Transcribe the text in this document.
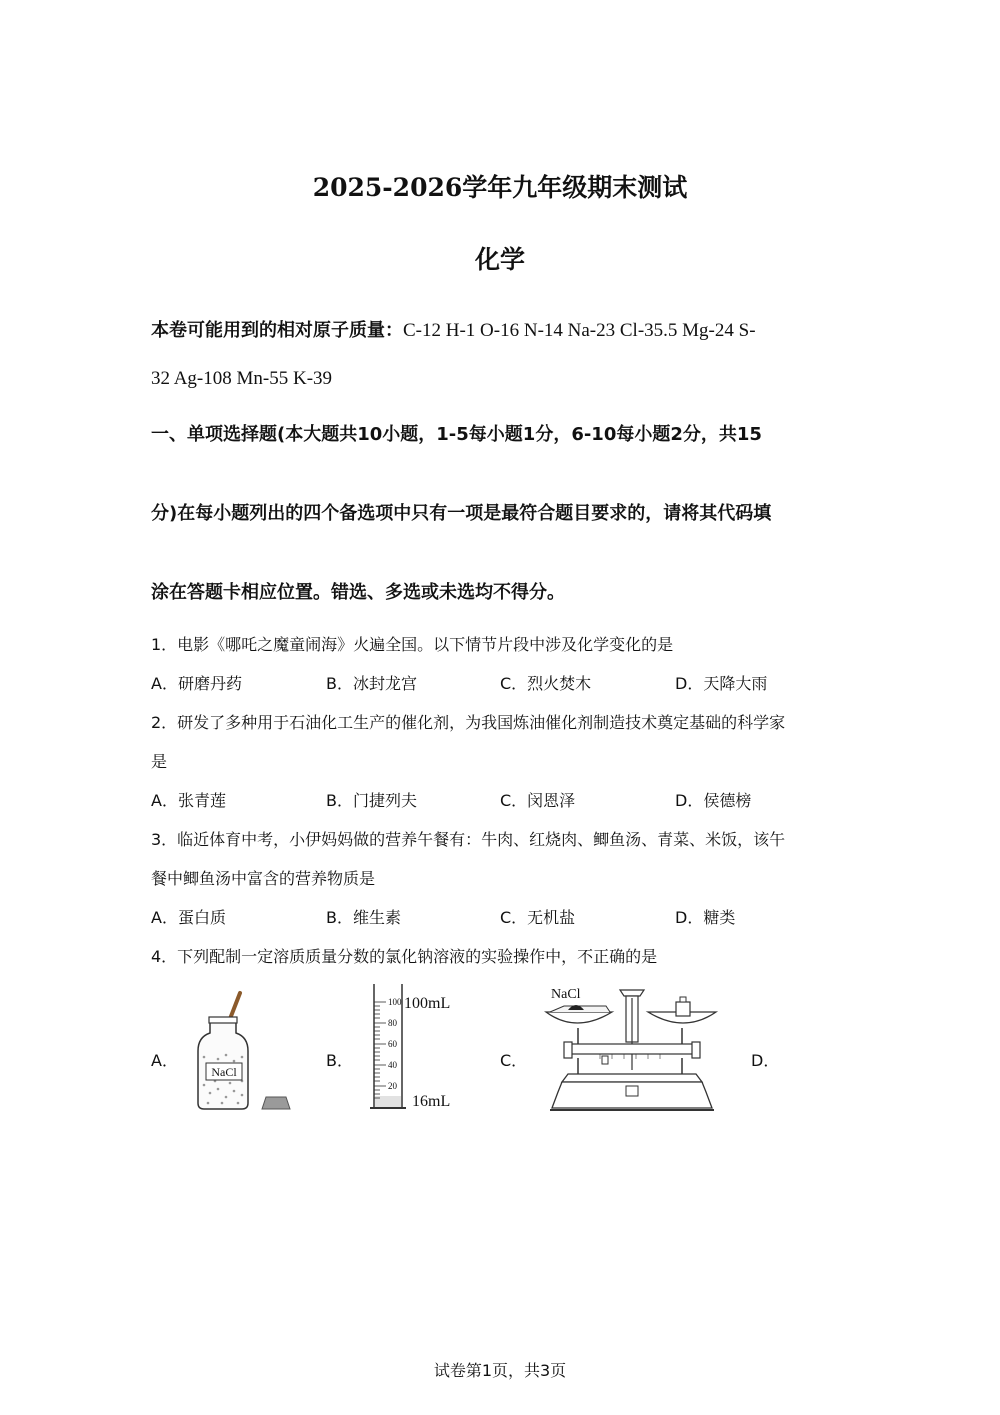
2025-2026学年九年级期末测试
化学
本卷可能用到的相对原子质量：C-12 H-1 O-16 N-14 Na-23 Cl-35.5 Mg-24 S-
32 Ag-108 Mn-55 K-39
一、单项选择题(本大题共10小题，1-5每小题1分，6-10每小题2分，共15
分)在每小题列出的四个备选项中只有一项是最符合题目要求的，请将其代码填
涂在答题卡相应位置。错选、多选或未选均不得分。
1．电影《哪吒之魔童闹海》火遍全国。以下情节片段中涉及化学变化的是
A．研磨丹药	B．冰封龙宫	C．烈火焚木	D．天降大雨
2．研发了多种用于石油化工生产的催化剂，为我国炼油催化剂制造技术奠定基础的科学家
是
A．张青莲	B．门捷列夫	C．闵恩泽	D．侯德榜
3．临近体育中考，小伊妈妈做的营养午餐有：牛肉、红烧肉、鲫鱼汤、青菜、米饭，该午
餐中鲫鱼汤中富含的营养物质是
A．蛋白质	B．维生素	C．无机盐	D．糖类
4．下列配制一定溶质质量分数的氯化钠溶液的实验操作中，不正确的是
A．	B．	C．	D．
NaCl
100
80
60
40
20
100mL
16mL
NaCl
试卷第1页，共3页
